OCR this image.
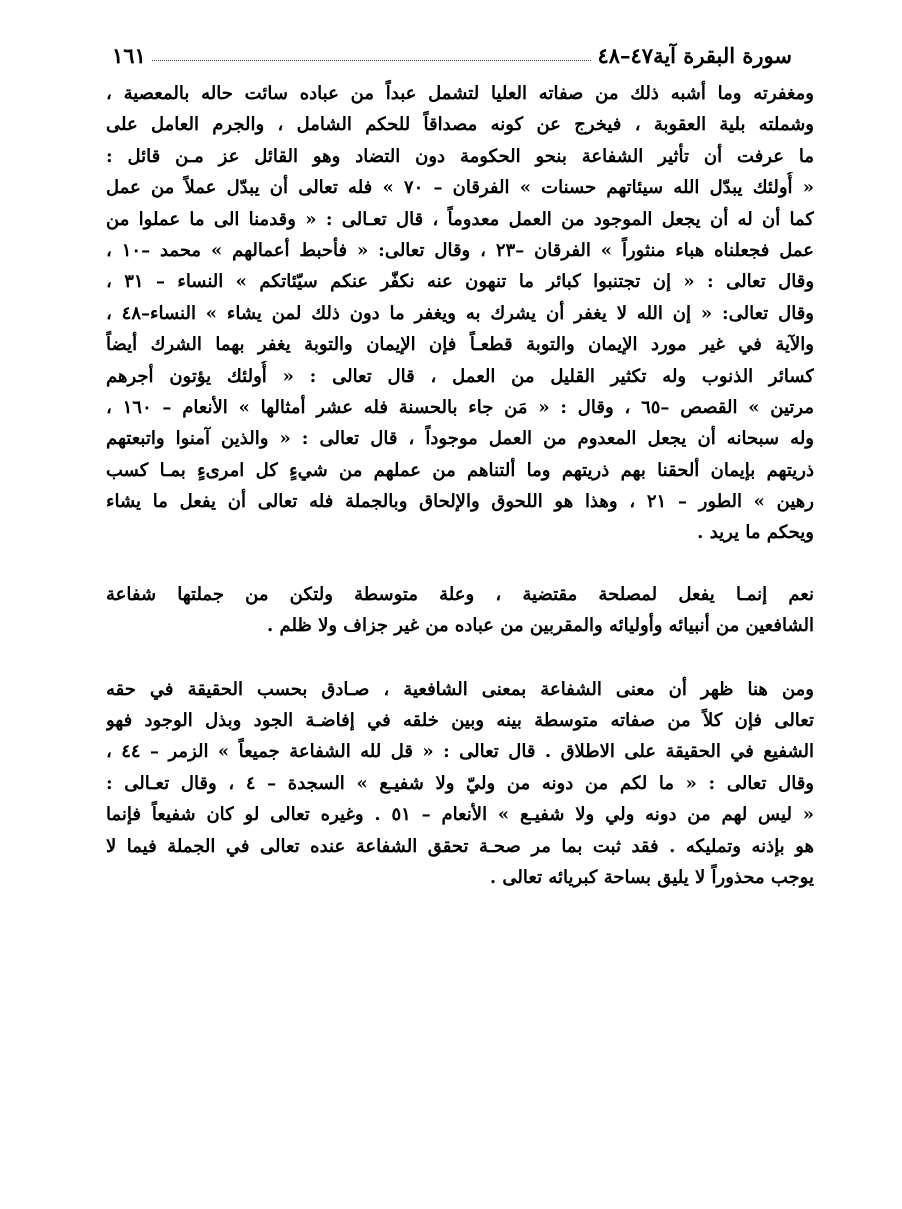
سورة البقرة آية٤٧–٤٨
١٦١
ومغفرته وما أشبه ذلك من صفاته العليا لتشمل عبداً من عباده سائت حاله بالمعصية ،
وشملته بلية العقوبة ، فيخرج عن كونه مصداقاً للحكم الشامل ، والجرم العامل على
ما عرفت أن تأثير الشفاعة بنحو الحكومة دون التضاد وهو القائل عز مـن قائل :
« أُولئك يبدّل الله سيئاتهم حسنات » الفرقان – ٧٠ » فله تعالى أن يبدّل عملاً من عمل
كما أن له أن يجعل الموجود من العمل معدوماً ، قال تعـالى : « وقدمنا الى ما عملوا من
عمل فجعلناه هباء منثوراً » الفرقان –٢٣ ، وقال تعالى: « فأحبط أعمالهم » محمد –١٠ ،
وقال تعالى : « إن تجتنبوا كبائر ما تنهون عنه نكفّر عنكم سيّئاتكم » النساء – ٣١ ،
وقال تعالى: « إن الله لا يغفر أن يشرك به ويغفر ما دون ذلك لمن يشاء » النساء–٤٨ ،
والآية في غير مورد الإيمان والتوبة قطعـاً فإن الإيمان والتوبة يغفر بهما الشرك أيضاً
كسائر الذنوب وله تكثير القليل من العمل ، قال تعالى : « أُولئك يؤتون أجرهم
مرتين » القصص –٦٥ ، وقال : « مَن جاء بالحسنة فله عشر أمثالها » الأنعام – ١٦٠ ،
وله سبحانه أن يجعل المعدوم من العمل موجوداً ، قال تعالى : « والذين آمنوا واتبعتهم
ذريتهم بإيمان ألحقنا بهم ذريتهم وما ألتناهم من عملهم من شيءٍ كل امرىءٍ بمـا كسب
رهين » الطور – ٢١ ، وهذا هو اللحوق والإلحاق وبالجملة فله تعالى أن يفعل ما يشاء
ويحكم ما يريد .
نعم إنمـا يفعل لمصلحة مقتضية ، وعلة متوسطة ولتكن من جملتها شفاعة
الشافعين من أنبيائه وأوليائه والمقربين من عباده من غير جزاف ولا ظلم .
ومن هنا ظهر أن معنى الشفاعة بمعنى الشافعية ، صـادق بحسب الحقيقة في حقه
تعالى فإن كلاً من صفاته متوسطة بينه وبين خلقه في إفاضـة الجود وبذل الوجود فهو
الشفيع في الحقيقة على الاطلاق . قال تعالى : « قل لله الشفاعة جميعاً » الزمر – ٤٤ ،
وقال تعالى : « ما لكم من دونه من وليّ ولا شفيـع » السجدة – ٤ ، وقال تعـالى :
« ليس لهم من دونه ولي ولا شفيـع » الأنعام – ٥١ . وغيره تعالى لو كان شفيعاً فإنما
هو بإذنه وتمليكه . فقد ثبت بما مر صحـة تحقق الشفاعة عنده تعالى في الجملة فيما لا
يوجب محذوراً لا يليق بساحة كبريائه تعالى .
